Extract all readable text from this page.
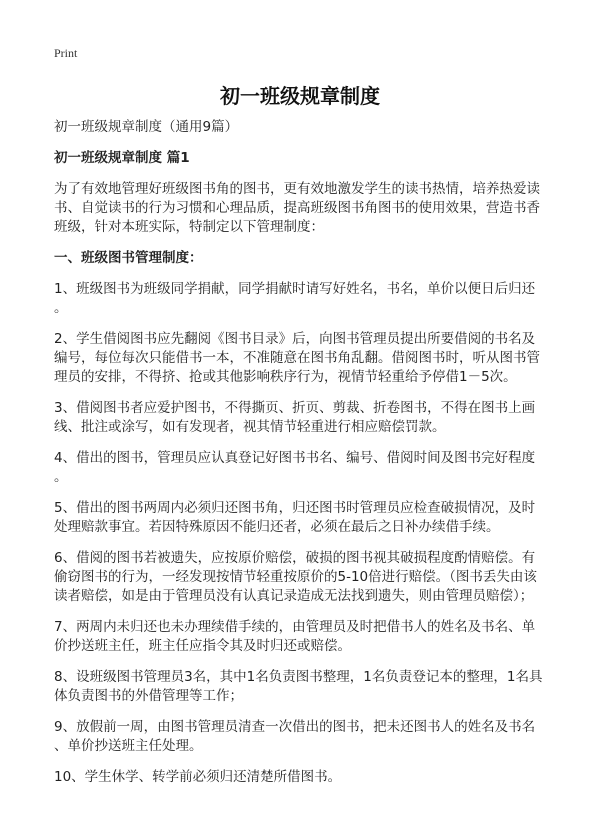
Print
初一班级规章制度
初一班级规章制度（通用9篇）
初一班级规章制度 篇1
为了有效地管理好班级图书角的图书，更有效地激发学生的读书热情，培养热爱读
书、自觉读书的行为习惯和心理品质，提高班级图书角图书的使用效果，营造书香
班级，针对本班实际，特制定以下管理制度：
一、班级图书管理制度：
1、班级图书为班级同学捐献，同学捐献时请写好姓名，书名，单价以便日后归还
。
2、学生借阅图书应先翻阅《图书目录》后，向图书管理员提出所要借阅的书名及
编号，每位每次只能借书一本，不准随意在图书角乱翻。借阅图书时，听从图书管
理员的安排，不得挤、抢或其他影响秩序行为，视情节轻重给予停借1－5次。
3、借阅图书者应爱护图书，不得撕页、折页、剪裁、折卷图书，不得在图书上画
线、批注或涂写，如有发现者，视其情节轻重进行相应赔偿罚款。
4、借出的图书，管理员应认真登记好图书书名、编号、借阅时间及图书完好程度
。
5、借出的图书两周内必须归还图书角，归还图书时管理员应检查破损情况，及时
处理赔款事宜。若因特殊原因不能归还者，必须在最后之日补办续借手续。
6、借阅的图书若被遗失，应按原价赔偿，破损的图书视其破损程度酌情赔偿。有
偷窃图书的行为，一经发现按情节轻重按原价的5-10倍进行赔偿。（图书丢失由该
读者赔偿，如是由于管理员没有认真记录造成无法找到遗失，则由管理员赔偿）；
7、两周内未归还也未办理续借手续的，由管理员及时把借书人的姓名及书名、单
价抄送班主任，班主任应指令其及时归还或赔偿。
8、设班级图书管理员3名，其中1名负责图书整理，1名负责登记本的整理，1名具
体负责图书的外借管理等工作；
9、放假前一周，由图书管理员清查一次借出的图书，把未还图书人的姓名及书名
、单价抄送班主任处理。
10、学生休学、转学前必须归还清楚所借图书。
